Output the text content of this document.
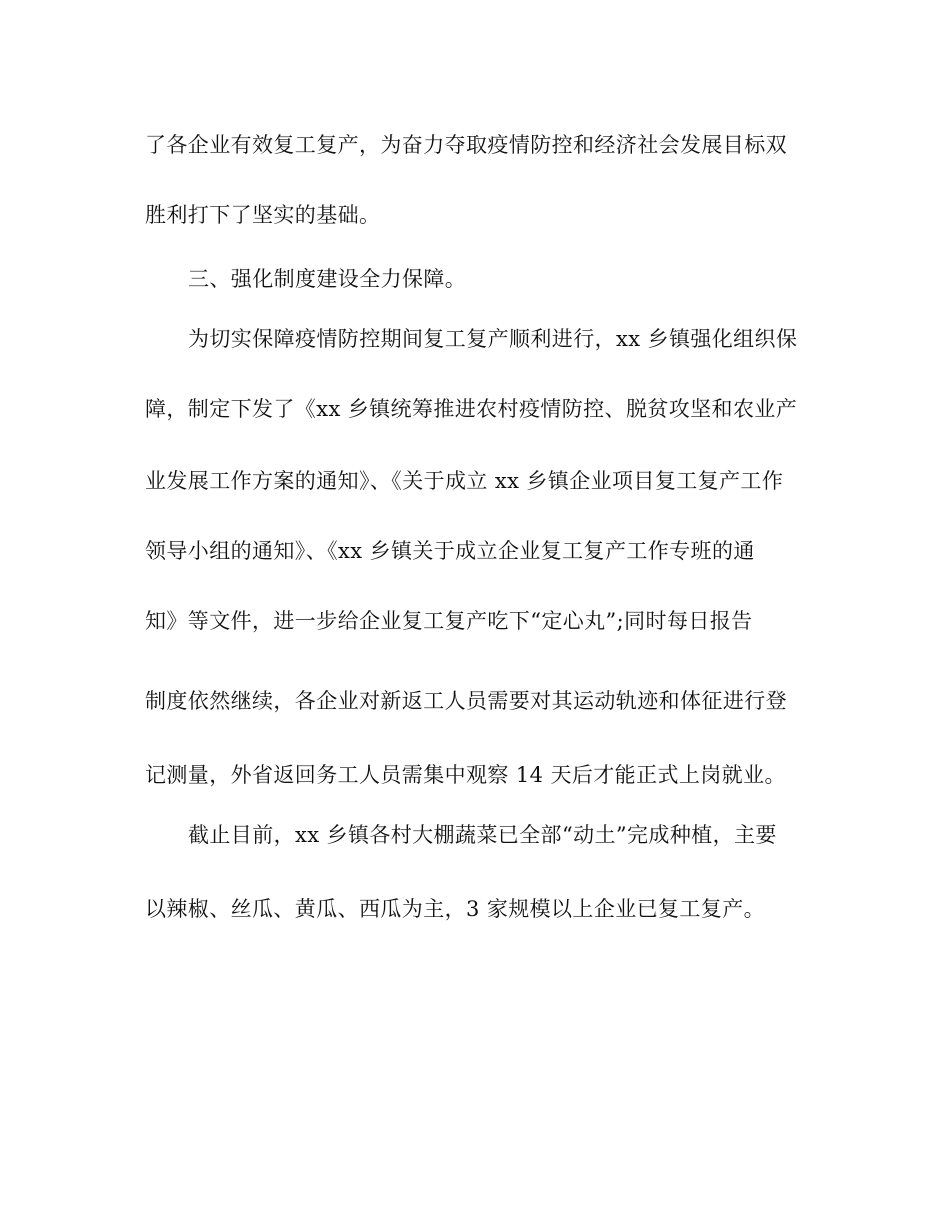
了各企业有效复工复产，为奋力夺取疫情防控和经济社会发展目标双
胜利打下了坚实的基础。
三、强化制度建设全力保障。
为切实保障疫情防控期间复工复产顺利进行，xx 乡镇强化组织保
障，制定下发了《xx 乡镇统筹推进农村疫情防控、脱贫攻坚和农业产
业发展工作方案的通知》、《关于成立 xx 乡镇企业项目复工复产工作
领导小组的通知》、《xx 乡镇关于成立企业复工复产工作专班的通
知》等文件，进一步给企业复工复产吃下“定心丸”;同时每日报告
制度依然继续，各企业对新返工人员需要对其运动轨迹和体征进行登
记测量，外省返回务工人员需集中观察 14 天后才能正式上岗就业。
截止目前，xx 乡镇各村大棚蔬菜已全部“动土”完成种植，主要
以辣椒、丝瓜、黄瓜、西瓜为主，3 家规模以上企业已复工复产。
